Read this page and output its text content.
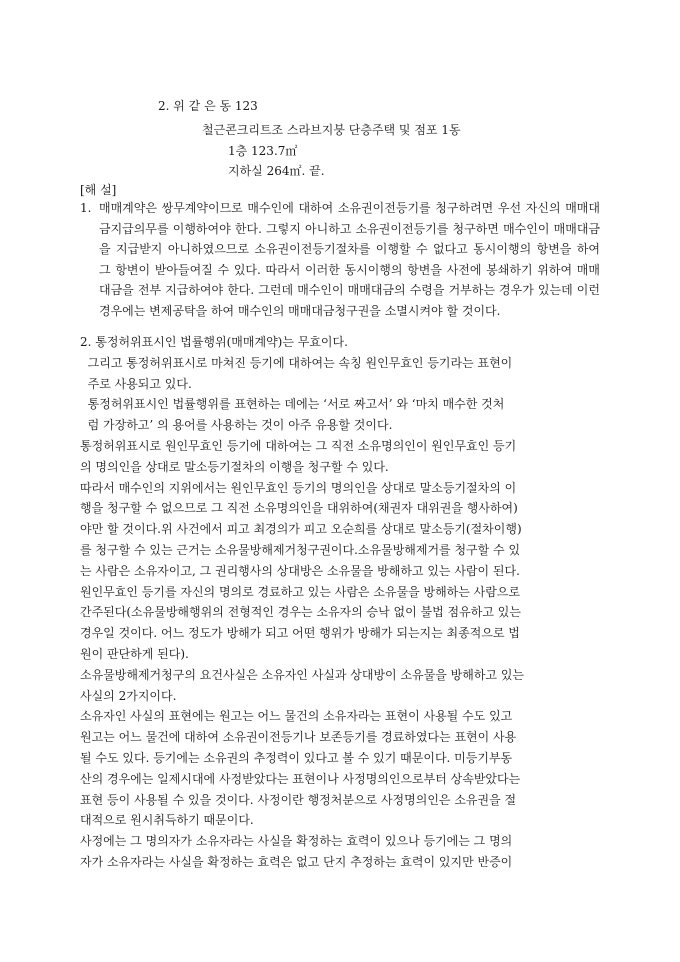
2. 위 같 은 동 123
철근콘크리트조 스라브지붕 단층주택 및 점포 1동
1층 123.7㎡
지하실 264㎡. 끝.
[해 설]
1. 매매계약은 쌍무계약이므로 매수인에 대하여 소유권이전등기를 청구하려면 우선 자신의 매매대금지급의무를 이행하여야 한다. 그렇지 아니하고 소유권이전등기를 청구하면 매수인이 매매대금을 지급받지 아니하였으므로 소유권이전등기절차를 이행할 수 없다고 동시이행의 항변을 하여 그 항변이 받아들여질 수 있다. 따라서 이러한 동시이행의 항변을 사전에 봉쇄하기 위하여 매매대금을 전부 지급하여야 한다. 그런데 매수인이 매매대금의 수령을 거부하는 경우가 있는데 이런 경우에는 변제공탁을 하여 매수인의 매매대금청구권을 소멸시켜야 할 것이다.
2. 통정허위표시인 법률행위(매매계약)는 무효이다.
그리고 통정허위표시로 마쳐진 등기에 대하여는 속칭 원인무효인 등기라는 표현이
주로 사용되고 있다.
통정허위표시인 법률행위를 표현하는 데에는 ‘서로 짜고서’ 와 ‘마치 매수한 것처
럼 가장하고’ 의 용어를 사용하는 것이 아주 유용할 것이다.
통정허위표시로 원인무효인 등기에 대하여는 그 직전 소유명의인이 원인무효인 등기
의 명의인을 상대로 말소등기절차의 이행을 청구할 수 있다.
따라서 매수인의 지위에서는 원인무효인 등기의 명의인을 상대로 말소등기절차의 이
행을 청구할 수 없으므로 그 직전 소유명의인을 대위하여(채권자 대위권을 행사하여)
야만 할 것이다.위 사건에서 피고 최경의가 피고 오순희를 상대로 말소등기(절차이행)
를 청구할 수 있는 근거는 소유물방해제거청구권이다.소유물방해제거를 청구할 수 있
는 사람은 소유자이고, 그 권리행사의 상대방은 소유물을 방해하고 있는 사람이 된다.
원인무효인 등기를 자신의 명의로 경료하고 있는 사람은 소유물을 방해하는 사람으로
간주된다(소유물방해행위의 전형적인 경우는 소유자의 승낙 없이 불법 점유하고 있는
경우일 것이다. 어느 정도가 방해가 되고 어떤 행위가 방해가 되는지는 최종적으로 법
원이 판단하게 된다).
소유물방해제거청구의 요건사실은 소유자인 사실과 상대방이 소유물을 방해하고 있는
사실의 2가지이다.
소유자인 사실의 표현에는 원고는 어느 물건의 소유자라는 표현이 사용될 수도 있고
원고는 어느 물건에 대하여 소유권이전등기나 보존등기를 경료하였다는 표현이 사용
될 수도 있다. 등기에는 소유권의 추정력이 있다고 볼 수 있기 때문이다. 미등기부동
산의 경우에는 일제시대에 사정받았다는 표현이나 사정명의인으로부터 상속받았다는
표현 등이 사용될 수 있을 것이다. 사정이란 행정처분으로 사정명의인은 소유권을 절
대적으로 원시취득하기 때문이다.
사정에는 그 명의자가 소유자라는 사실을 확정하는 효력이 있으나 등기에는 그 명의
자가 소유자라는 사실을 확정하는 효력은 없고 단지 추정하는 효력이 있지만 반증이
